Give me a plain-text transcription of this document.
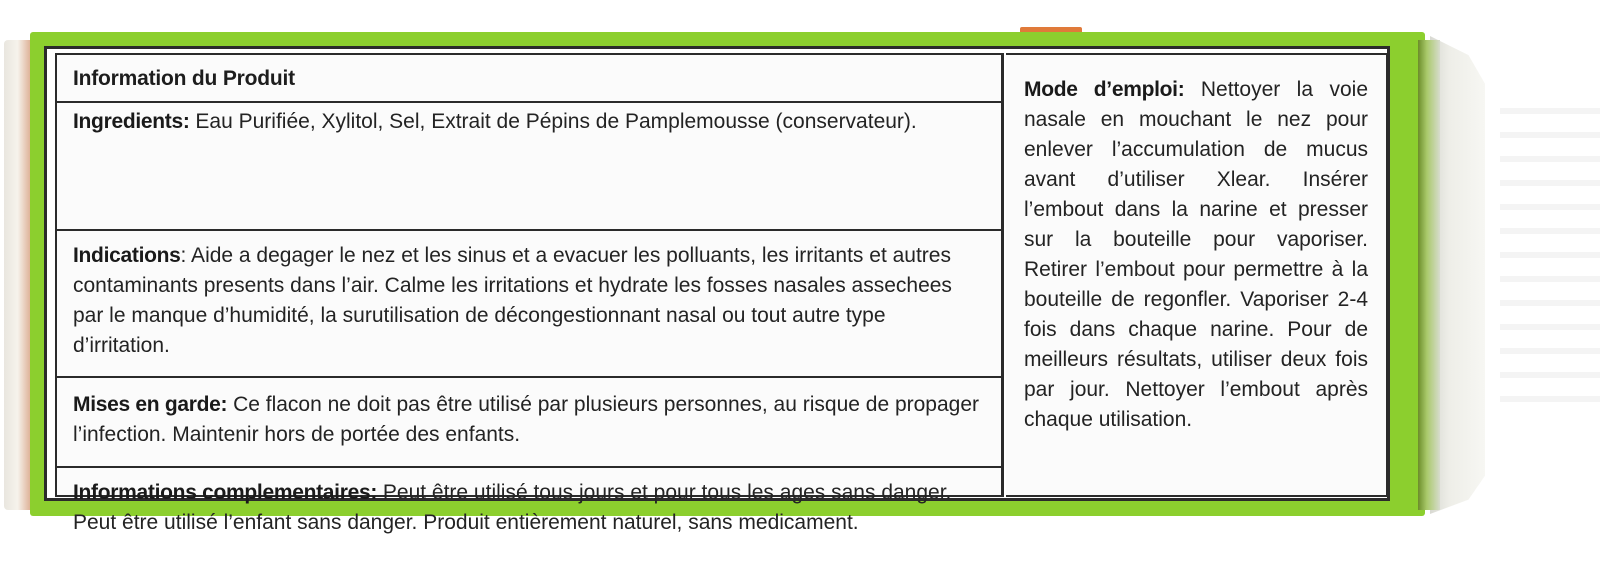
Information du Produit
Ingredients: Eau Purifiée, Xylitol, Sel, Extrait de Pépins de Pamplemousse (conservateur).
Indications: Aide a degager le nez et les sinus et a evacuer les polluants, les irritants et autres contaminants presents dans l’air. Calme les irritations et hydrate les fosses nasales assechees par le manque d’humidité, la surutilisation de décongestionnant nasal ou tout autre type d’irritation.
Mises en garde: Ce flacon ne doit pas être utilisé par plusieurs personnes, au risque de propager l’infection. Maintenir hors de portée des enfants.
Informations complementaires: Peut être utilisé tous jours et pour tous les ages sans danger. Peut être utilisé l’enfant sans danger. Produit entièrement naturel, sans medicament.
Mode d’emploi: Nettoyer la voie nasale en mouchant le nez pour enlever l’accumulation de mucus avant d’utiliser Xlear. Insérer l’embout dans la narine et presser sur la bouteille pour vaporiser. Retirer l’embout pour permettre à la bouteille de regonfler. Vaporiser 2-4 fois dans chaque narine. Pour de meilleurs résultats, utiliser deux fois par jour. Nettoyer l’embout après chaque utilisation.
